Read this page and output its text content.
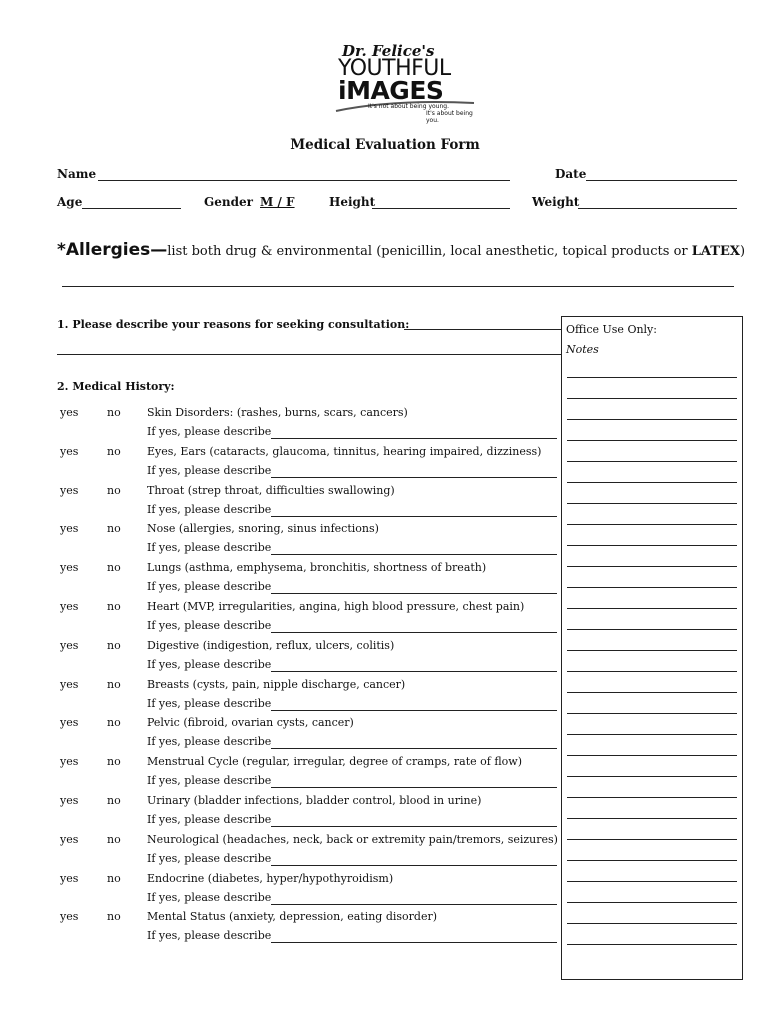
Dr. Felice's
YOUTHFUL
iMAGES
It's not about being young.
It's about being you.
Medical Evaluation Form
Name	Date
Age	Gender M / F	Height	Weight
*Allergies—list both drug & environmental (penicillin, local anesthetic, topical products or LATEX)
1. Please describe your reasons for seeking consultation:
2. Medical History:
yes	no Skin Disorders: (rashes, burns, scars, cancers)
If yes, please describe
yes	no Eyes, Ears (cataracts, glaucoma, tinnitus, hearing impaired, dizziness)
If yes, please describe
yes	no Throat (strep throat, difficulties swallowing)
If yes, please describe
yes	no Nose (allergies, snoring, sinus infections)
If yes, please describe
yes	no Lungs (asthma, emphysema, bronchitis, shortness of breath)
If yes, please describe
yes	no Heart (MVP, irregularities, angina, high blood pressure, chest pain)
If yes, please describe
yes	no Digestive (indigestion, reflux, ulcers, colitis)
If yes, please describe
yes	no Breasts (cysts, pain, nipple discharge, cancer)
If yes, please describe
yes	no Pelvic (fibroid, ovarian cysts, cancer)
If yes, please describe
yes	no Menstrual Cycle (regular, irregular, degree of cramps, rate of flow)
If yes, please describe
yes	no Urinary (bladder infections, bladder control, blood in urine)
If yes, please describe
yes	no Neurological (headaches, neck, back or extremity pain/tremors, seizures)
If yes, please describe
yes	no Endocrine (diabetes, hyper/hypothyroidism)
If yes, please describe
yes	no Mental Status (anxiety, depression, eating disorder)
If yes, please describe
Office Use Only:
Notes
